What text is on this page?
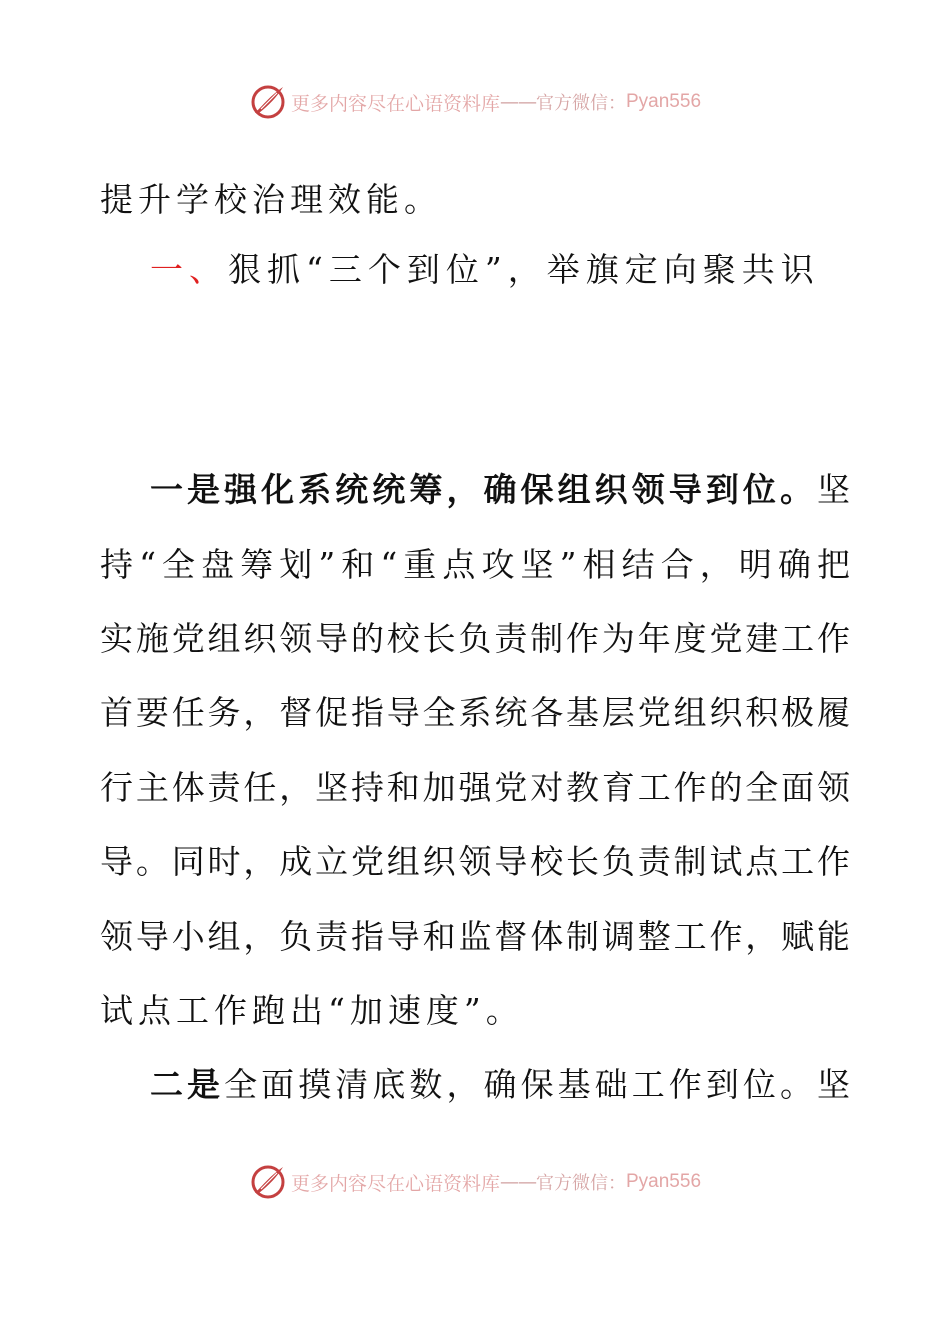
更多内容尽在心语资料库 —— 官方微信： Pyan556
提升学校治理效能。
一、狠抓“三个到位”，举旗定向聚共识
一是强化系统统筹，确保组织领导到位。坚
持“全盘筹划”和“重点攻坚”相结合，明确把
实施党组织领导的校长负责制作为年度党建工作
首要任务，督促指导全系统各基层党组织积极履
行主体责任，坚持和加强党对教育工作的全面领
导。同时，成立党组织领导校长负责制试点工作
领导小组，负责指导和监督体制调整工作，赋能
试点工作跑出“加速度”。
二是全面摸清底数，确保基础工作到位。坚
更多内容尽在心语资料库 —— 官方微信： Pyan556
